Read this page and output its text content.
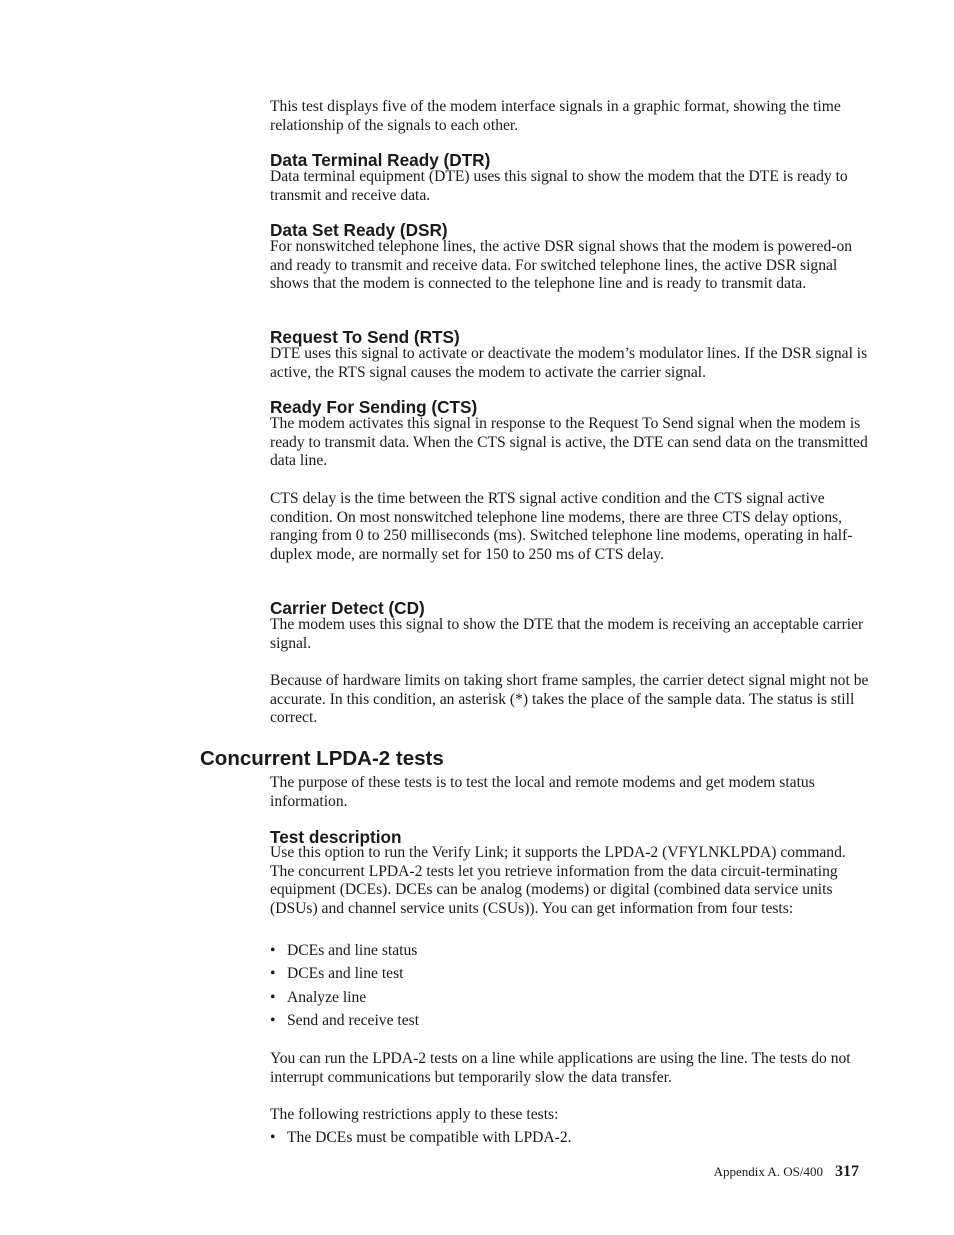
This test displays five of the modem interface signals in a graphic format, showing the time relationship of the signals to each other.

Data Terminal Ready (DTR)

Data terminal equipment (DTE) uses this signal to show the modem that the DTE is ready to transmit and receive data.

Data Set Ready (DSR)

For nonswitched telephone lines, the active DSR signal shows that the modem is powered-on and ready to transmit and receive data. For switched telephone lines, the active DSR signal shows that the modem is connected to the telephone line and is ready to transmit data.

Request To Send (RTS)

DTE uses this signal to activate or deactivate the modem’s modulator lines. If the DSR signal is active, the RTS signal causes the modem to activate the carrier signal.

Ready For Sending (CTS)

The modem activates this signal in response to the Request To Send signal when the modem is ready to transmit data. When the CTS signal is active, the DTE can send data on the transmitted data line.

CTS delay is the time between the RTS signal active condition and the CTS signal active condition. On most nonswitched telephone line modems, there are three CTS delay options, ranging from 0 to 250 milliseconds (ms). Switched telephone line modems, operating in half-duplex mode, are normally set for 150 to 250 ms of CTS delay.

Carrier Detect (CD)

The modem uses this signal to show the DTE that the modem is receiving an acceptable carrier signal.

Because of hardware limits on taking short frame samples, the carrier detect signal might not be accurate. In this condition, an asterisk (*) takes the place of the sample data. The status is still correct.

Concurrent LPDA-2 tests

The purpose of these tests is to test the local and remote modems and get modem status information.

Test description

Use this option to run the Verify Link; it supports the LPDA-2 (VFYLNKLPDA) command. The concurrent LPDA-2 tests let you retrieve information from the data circuit-terminating equipment (DCEs). DCEs can be analog (modems) or digital (combined data service units (DSUs) and channel service units (CSUs)). You can get information from four tests:

• DCEs and line status
• DCEs and line test
• Analyze line
• Send and receive test

You can run the LPDA-2 tests on a line while applications are using the line. The tests do not interrupt communications but temporarily slow the data transfer.

The following restrictions apply to these tests:

• The DCEs must be compatible with LPDA-2.
Appendix A. OS/400 317
